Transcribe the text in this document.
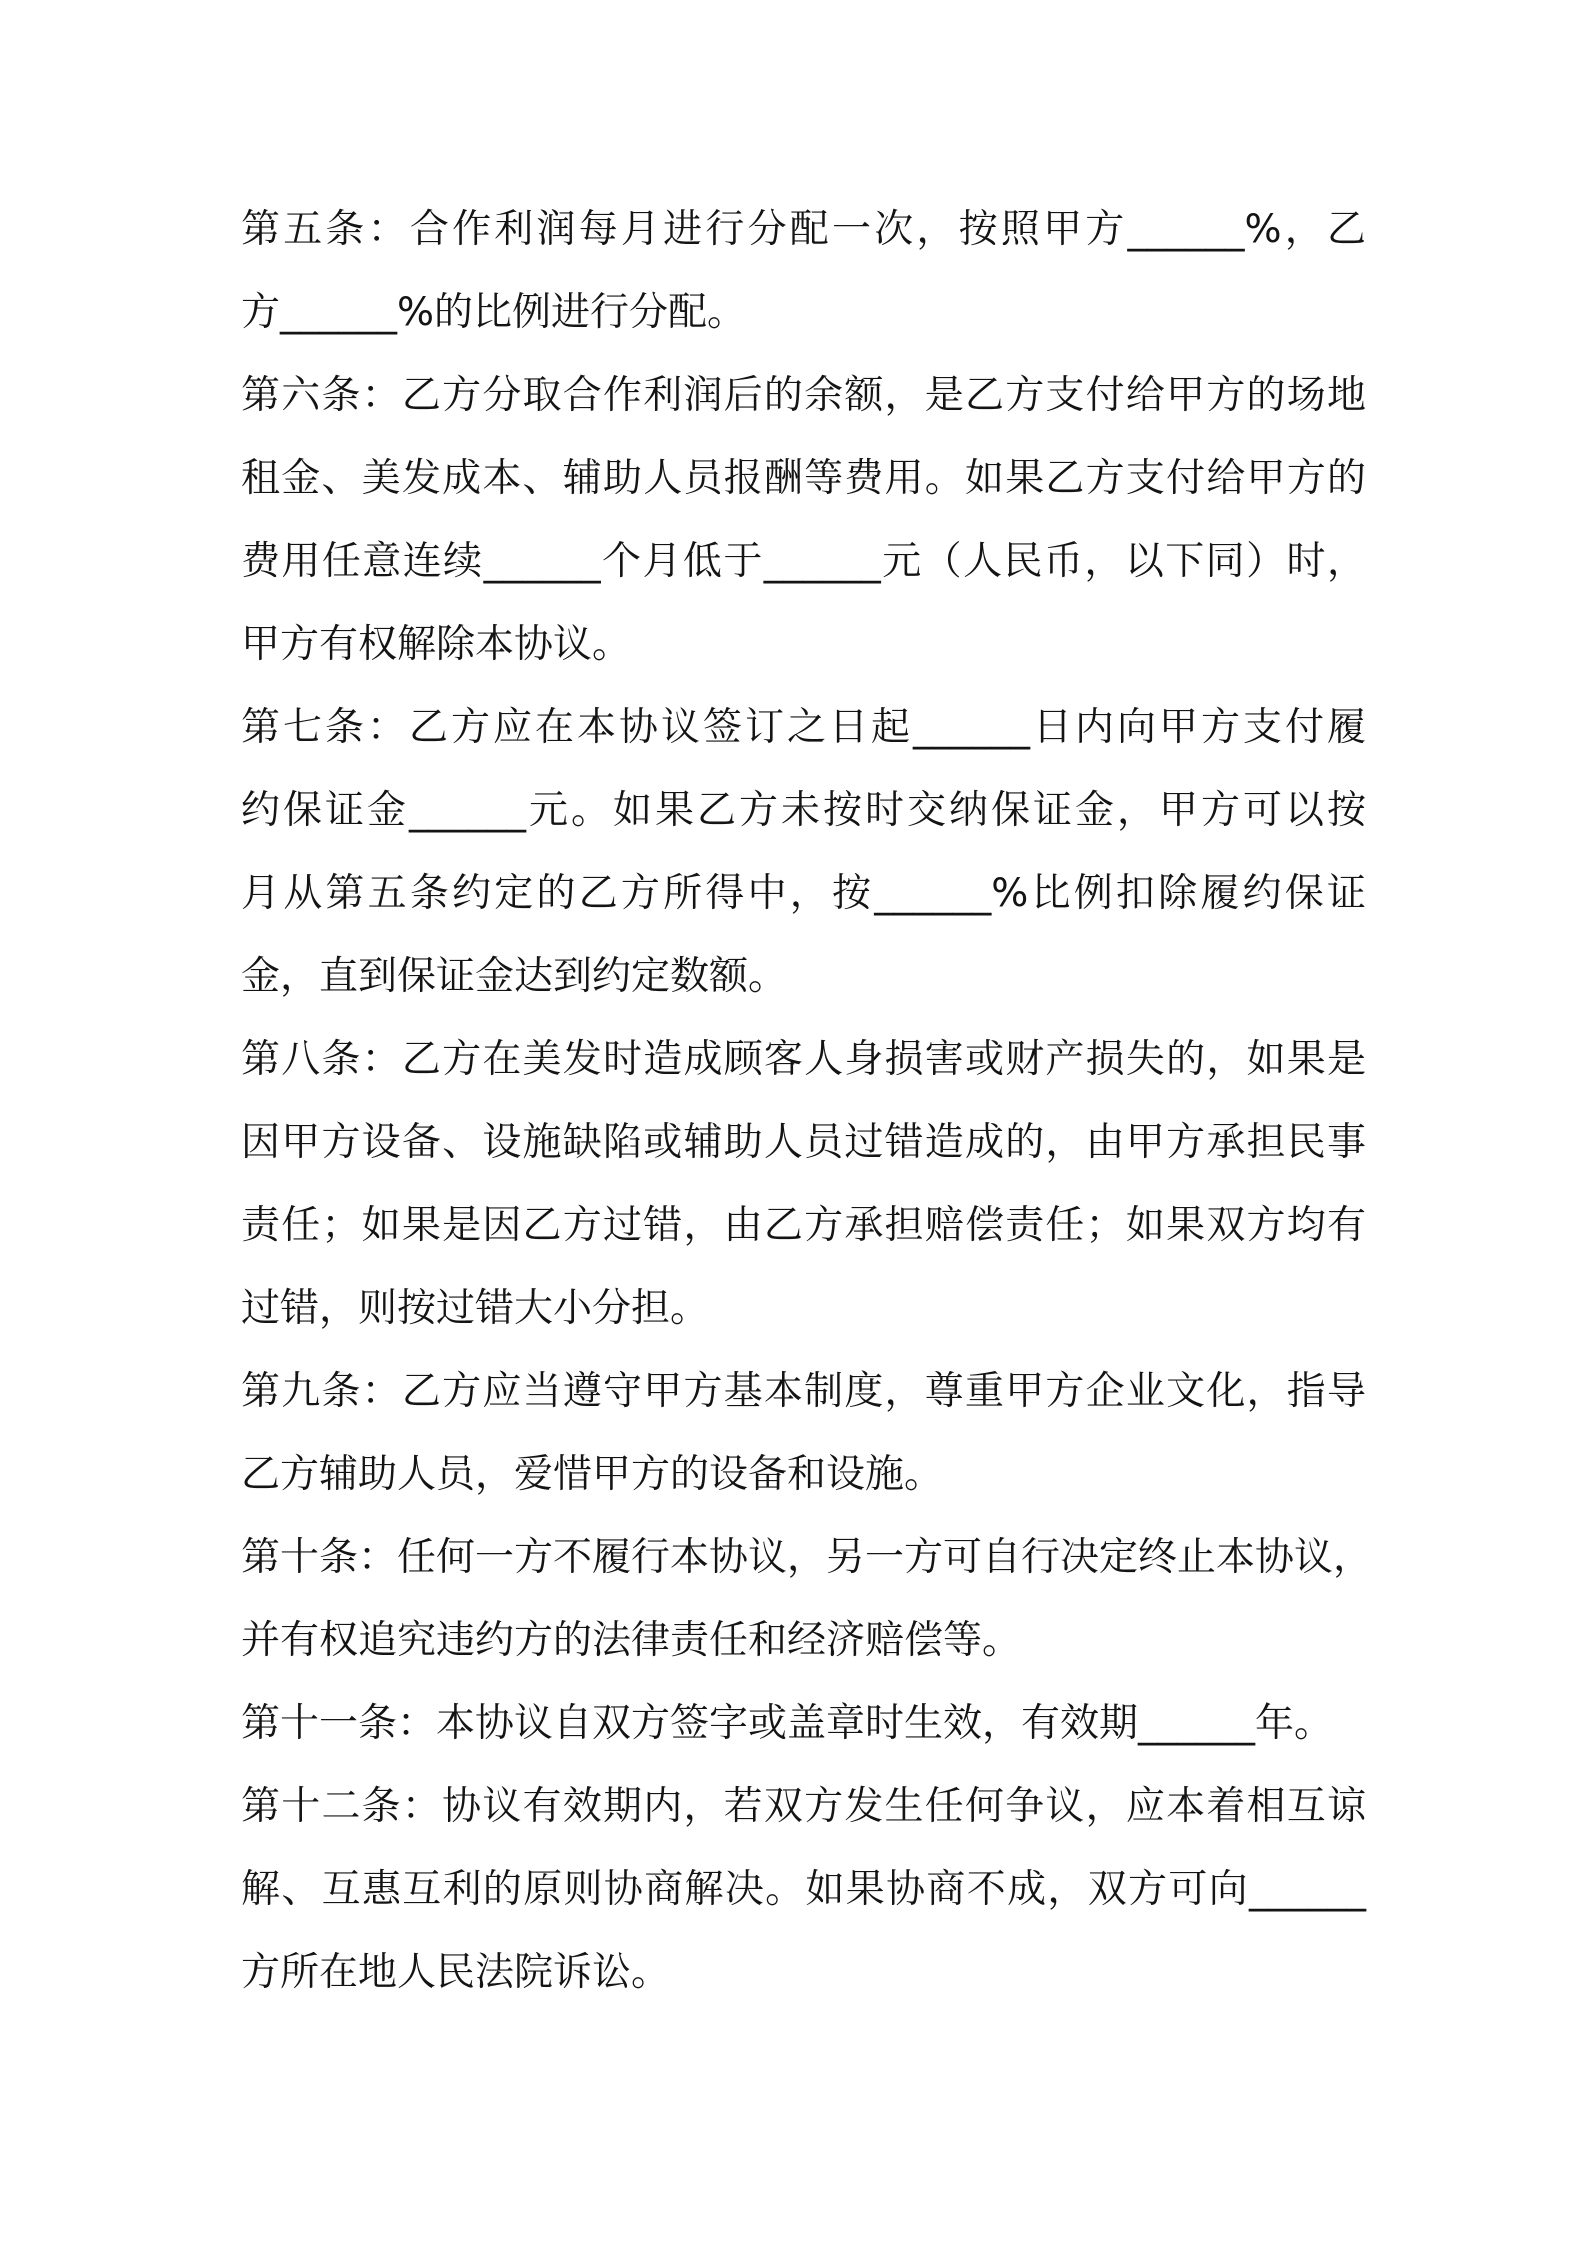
第五条：合作利润每月进行分配一次，按照甲方______%，乙
方______%的比例进行分配。
第六条：乙方分取合作利润后的余额，是乙方支付给甲方的场地
租金、美发成本、辅助人员报酬等费用。如果乙方支付给甲方的
费用任意连续______个月低于______元（人民币，以下同）时，
甲方有权解除本协议。
第七条：乙方应在本协议签订之日起______日内向甲方支付履
约保证金______元。如果乙方未按时交纳保证金，甲方可以按
月从第五条约定的乙方所得中，按______%比例扣除履约保证
金，直到保证金达到约定数额。
第八条：乙方在美发时造成顾客人身损害或财产损失的，如果是
因甲方设备、设施缺陷或辅助人员过错造成的，由甲方承担民事
责任；如果是因乙方过错，由乙方承担赔偿责任；如果双方均有
过错，则按过错大小分担。
第九条：乙方应当遵守甲方基本制度，尊重甲方企业文化，指导
乙方辅助人员，爱惜甲方的设备和设施。
第十条：任何一方不履行本协议，另一方可自行决定终止本协议，
并有权追究违约方的法律责任和经济赔偿等。
第十一条：本协议自双方签字或盖章时生效，有效期______年。
第十二条：协议有效期内，若双方发生任何争议，应本着相互谅
解、互惠互利的原则协商解决。如果协商不成，双方可向______
方所在地人民法院诉讼。
